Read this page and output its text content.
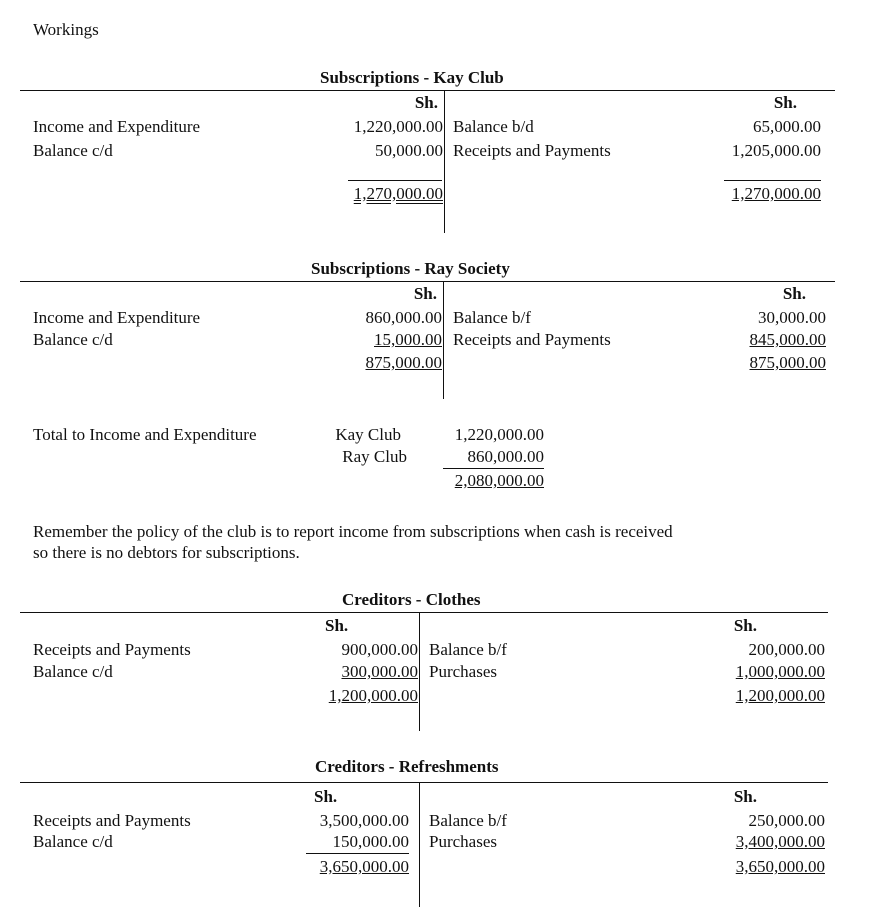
Workings
Subscriptions - Kay Club
Sh.	Sh.
Income and Expenditure	1,220,000.00 Balance b/d	65,000.00
Balance c/d	50,000.00 Receipts and Payments	1,205,000.00
1,270,000.00	1,270,000.00
Subscriptions - Ray Society
Sh.	Sh.
Income and Expenditure	860,000.00 Balance b/f	30,000.00
Balance c/d	15,000.00 Receipts and Payments	845,000.00
875,000.00	875,000.00
Total to Income and Expenditure	Kay Club	1,220,000.00
Ray Club	860,000.00
2,080,000.00
Remember the policy of the club is to report income from subscriptions when cash is received
so there is no debtors for subscriptions.
Creditors - Clothes
Sh.	Sh.
Receipts and Payments	900,000.00 Balance b/f	200,000.00
Balance c/d	300,000.00 Purchases	1,000,000.00
1,200,000.00	1,200,000.00
Creditors - Refreshments
Sh.	Sh.
Receipts and Payments	3,500,000.00 Balance b/f	250,000.00
Balance c/d	150,000.00 Purchases	3,400,000.00
3,650,000.00	3,650,000.00
